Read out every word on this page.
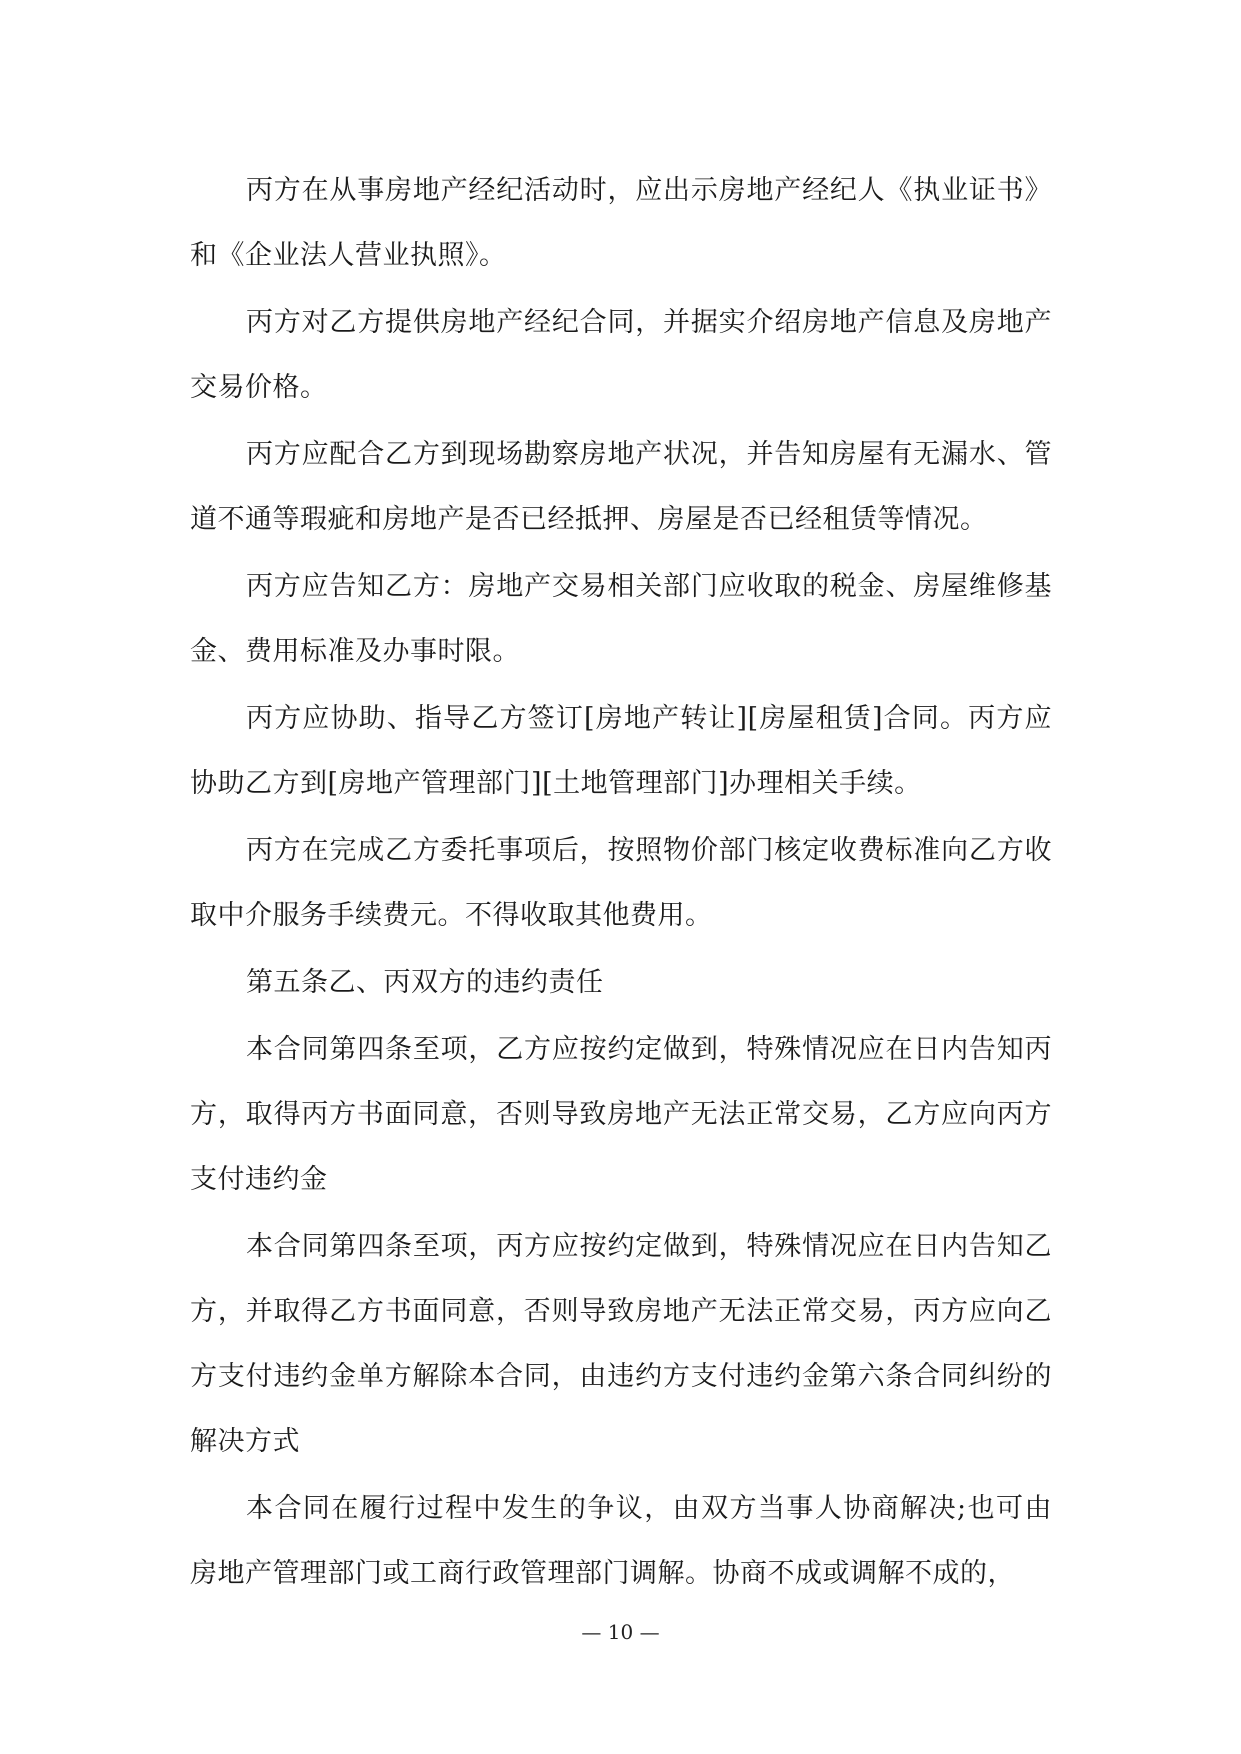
丙方在从事房地产经纪活动时，应出示房地产经纪人《执业证书》和《企业法人营业执照》。

丙方对乙方提供房地产经纪合同，并据实介绍房地产信息及房地产交易价格。

丙方应配合乙方到现场勘察房地产状况，并告知房屋有无漏水、管道不通等瑕疵和房地产是否已经抵押、房屋是否已经租赁等情况。

丙方应告知乙方：房地产交易相关部门应收取的税金、房屋维修基金、费用标准及办事时限。

丙方应协助、指导乙方签订[房地产转让][房屋租赁]合同。丙方应协助乙方到[房地产管理部门][土地管理部门]办理相关手续。

丙方在完成乙方委托事项后，按照物价部门核定收费标准向乙方收取中介服务手续费元。不得收取其他费用。

第五条乙、丙双方的违约责任

本合同第四条至项，乙方应按约定做到，特殊情况应在日内告知丙方，取得丙方书面同意，否则导致房地产无法正常交易，乙方应向丙方支付违约金

本合同第四条至项，丙方应按约定做到，特殊情况应在日内告知乙方，并取得乙方书面同意，否则导致房地产无法正常交易，丙方应向乙方支付违约金单方解除本合同，由违约方支付违约金第六条合同纠纷的解决方式

本合同在履行过程中发生的争议，由双方当事人协商解决;也可由房地产管理部门或工商行政管理部门调解。协商不成或调解不成的，

— 10 —
